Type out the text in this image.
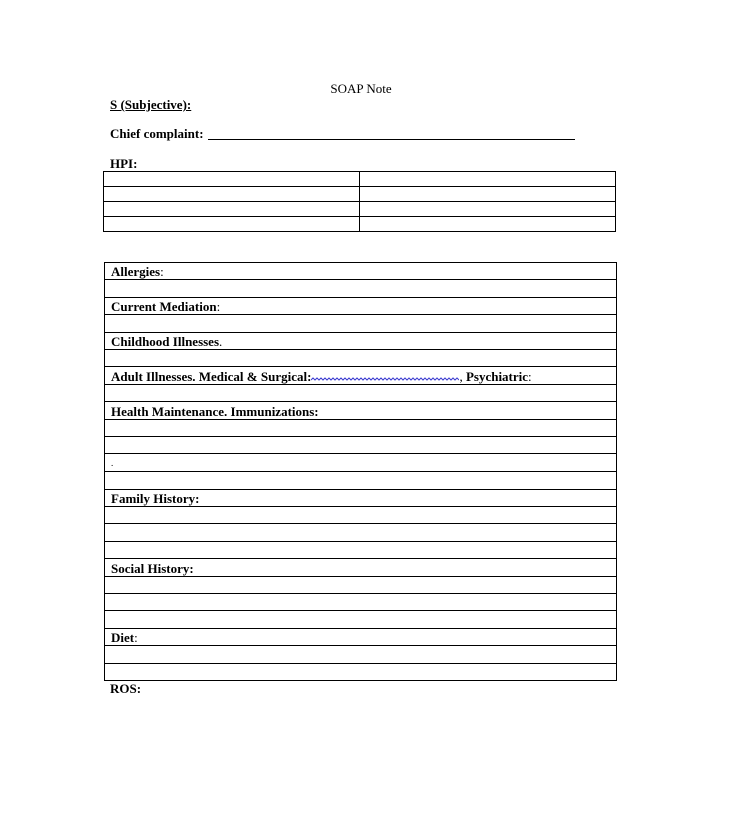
SOAP Note
S (Subjective):
Chief complaint:
HPI:

Allergies:

Current Mediation:

Childhood Illnesses.

Adult Illnesses. Medical & Surgical:	, Psychiatric:

Health Maintenance. Immunizations:

.

Family History:

Social History:

Diet:

ROS:
